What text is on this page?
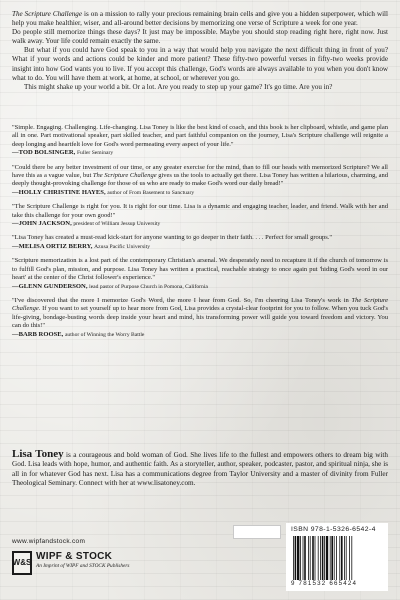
The Scripture Challenge is on a mission to rally your precious remaining brain cells and give you a hidden superpower, which will help you make healthier, wiser, and all-around better decisions by memorizing one verse of Scripture a week for one year.

Do people still memorize things these days? It just may be impossible. Maybe you should stop reading right here, right now. Just walk away. Your life could remain exactly the same.

But what if you could have God speak to you in a way that would help you navigate the next difficult thing in front of you? What if your words and actions could be kinder and more patient? These fifty-two powerful verses in fifty-two weeks provide insight into how God wants you to live. If you accept this challenge, God's words are always available to you when you don't know what to do. You will have them at work, at home, at school, or wherever you go.

This might shake up your world a bit. Or a lot. Are you ready to step up your game? It's go time. Are you in?

"Simple. Engaging. Challenging. Life-changing. Lisa Toney is like the best kind of coach, and this book is her clipboard, whistle, and game plan all in one. Part motivational speaker, part skilled teacher, and part faithful companion on the journey, Lisa's Scripture challenge will reignite a deep longing and heartfelt love for God's word permeating every aspect of your life."
—TOD BOLSINGER, Fuller Seminary
"Could there be any better investment of our time, or any greater exercise for the mind, than to fill our heads with memorized Scripture? We all have this as a vague value, but The Scripture Challenge gives us the tools to actually get there. Lisa Toney has written a hilarious, charming, and deeply thought-provoking challenge for those of us who are ready to make God's word our daily bread!"
—HOLLY CHRISTINE HAYES, author of From Basement to Sanctuary
"The Scripture Challenge is right for you. It is right for our time. Lisa is a dynamic and engaging teacher, leader, and friend. Walk with her and take this challenge for your own good!"
—JOHN JACKSON, president of William Jessup University
"Lisa Toney has created a must-read kick-start for anyone wanting to go deeper in their faith. . . . Perfect for small groups."
—MELISA ORTIZ BERRY, Azusa Pacific University
"Scripture memorization is a lost part of the contemporary Christian's arsenal. We desperately need to recapture it if the church of tomorrow is to fulfill God's plan, mission, and purpose. Lisa Toney has written a practical, reachable strategy to once again put 'hiding God's word in our heart' at the center of the Christ follower's experience."
—GLENN GUNDERSON, lead pastor of Purpose Church in Pomona, California
"I've discovered that the more I memorize God's Word, the more I hear from God. So, I'm cheering Lisa Toney's work in The Scripture Challenge. If you want to set yourself up to hear more from God, Lisa provides a crystal-clear footprint for you to follow. When you tuck God's life-giving, bondage-busting words deep inside your heart and mind, his transforming power will guide you toward freedom and victory. You can do this!"
—BARB ROOSE, author of Winning the Worry Battle
Lisa Toney is a courageous and bold woman of God. She lives life to the fullest and empowers others to dream big with God. Lisa leads with hope, humor, and authentic faith. As a storyteller, author, speaker, podcaster, pastor, and spiritual ninja, she is all in for whatever God has next. Lisa has a communications degree from Taylor University and a master of divinity from Fuller Theological Seminary. Connect with her at www.lisatoney.com.
www.wipfandstock.com
W&S
WIPF & STOCK
An Imprint of WIPF and STOCK Publishers
ISBN 978-1-5326-6542-4
9 781532 665424
